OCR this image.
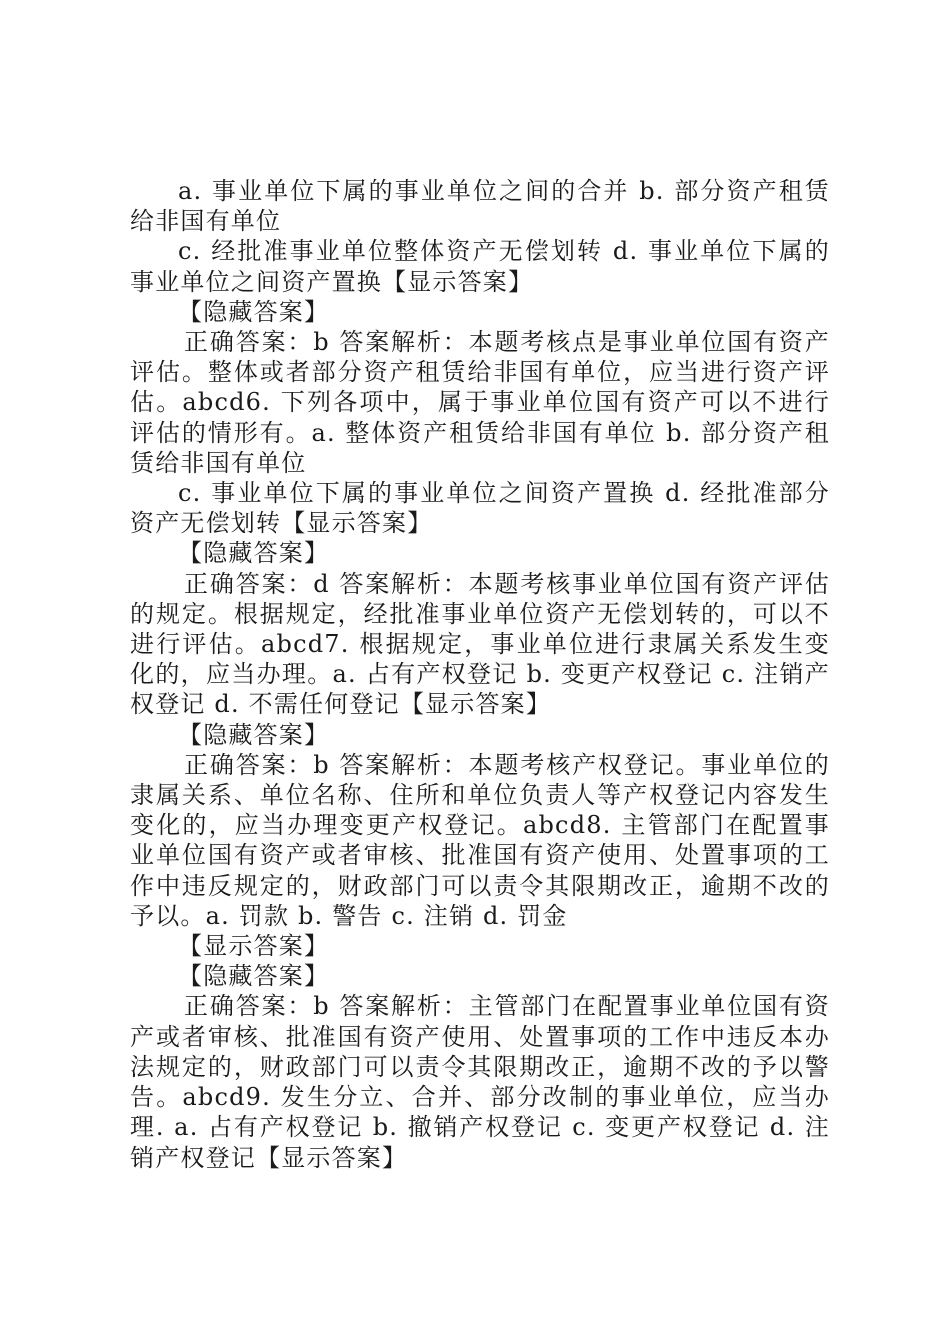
a. 事业单位下属的事业单位之间的合并 b. 部分资产租赁给非国有单位

c. 经批准事业单位整体资产无偿划转 d. 事业单位下属的事业单位之间资产置换【显示答案】

【隐藏答案】

正确答案：b 答案解析：本题考核点是事业单位国有资产评估。整体或者部分资产租赁给非国有单位，应当进行资产评估。abcd6. 下列各项中，属于事业单位国有资产可以不进行评估的情形有。a. 整体资产租赁给非国有单位 b. 部分资产租赁给非国有单位

c. 事业单位下属的事业单位之间资产置换 d. 经批准部分资产无偿划转【显示答案】

【隐藏答案】

正确答案：d 答案解析：本题考核事业单位国有资产评估的规定。根据规定，经批准事业单位资产无偿划转的，可以不进行评估。abcd7. 根据规定，事业单位进行隶属关系发生变化的，应当办理。a. 占有产权登记 b. 变更产权登记 c. 注销产权登记 d. 不需任何登记【显示答案】

【隐藏答案】

正确答案：b 答案解析：本题考核产权登记。事业单位的隶属关系、单位名称、住所和单位负责人等产权登记内容发生变化的，应当办理变更产权登记。abcd8. 主管部门在配置事业单位国有资产或者审核、批准国有资产使用、处置事项的工作中违反规定的，财政部门可以责令其限期改正，逾期不改的予以。a. 罚款 b. 警告 c. 注销 d. 罚金

【显示答案】

【隐藏答案】

正确答案：b 答案解析：主管部门在配置事业单位国有资产或者审核、批准国有资产使用、处置事项的工作中违反本办法规定的，财政部门可以责令其限期改正，逾期不改的予以警告。abcd9. 发生分立、合并、部分改制的事业单位，应当办理. a. 占有产权登记 b. 撤销产权登记 c. 变更产权登记 d. 注销产权登记【显示答案】
